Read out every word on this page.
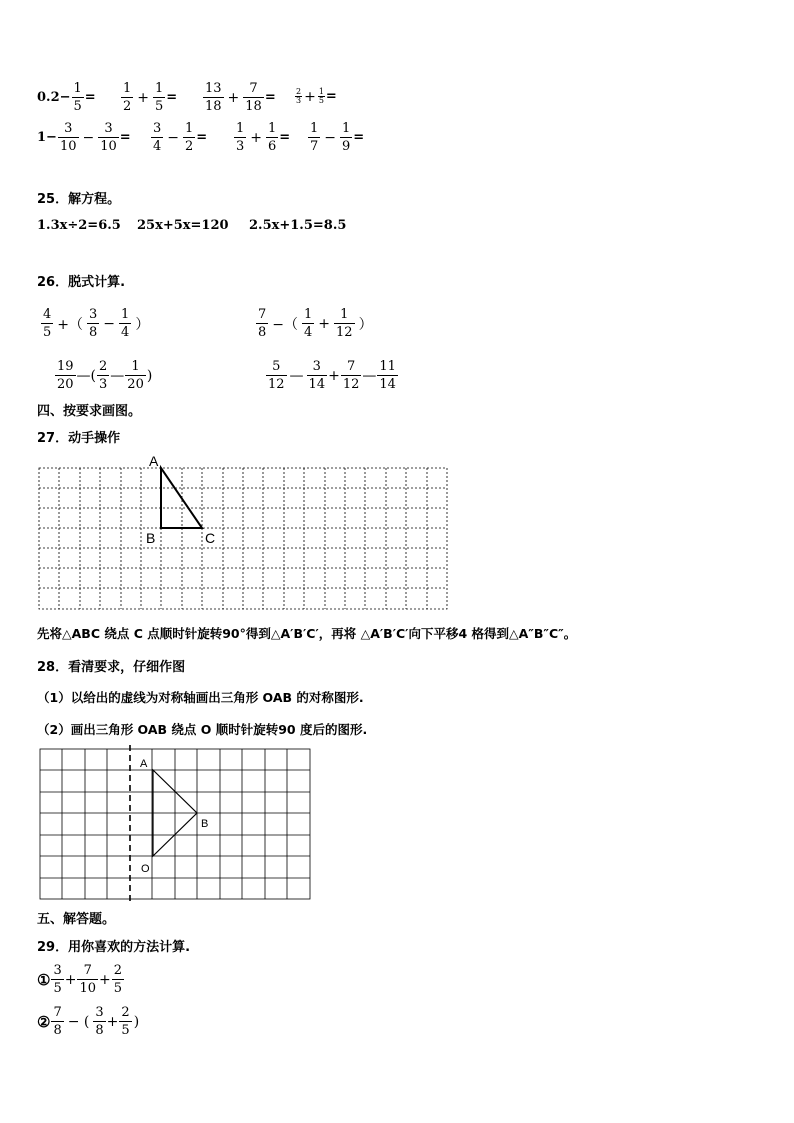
$0.2- \frac{1}{5}$ =
1
2
+ $\frac{1}{5}$ =
13
18
+ $\frac{7}{18}$ =	2
$3 + \frac{1}{5}$ =
$1- \frac{3}{10} - \frac{3}{10}$ =
3
4
− $\frac{1}{2}$ =
1
3
+ $\frac{1}{6}$ =
1
7
− $\frac{1}{9}$ =
25．解方程。
1.3x÷2=6.5 25x+5x=120 2.5x+1.5=8.5
26．脱式计算.
4
5 +（
3
8
− $\frac{1}{4}$ ）
7
8 −（
1
4
+ $\frac{1}{12}$ ）
19
20
—(
2
3
—
1
20
)
5
12
—
3
14
+ $\frac{7}{12}$ —
11
14
四、按要求画图。
27．动手操作
A
B	C
先将△ABC 绕点 C 点顺时针旋转90°得到△A′B′C′，再将 △A′B′C′向下平移4 格得到△A″B″C″。
28．看清要求，仔细作图
（1）以给出的虚线为对称轴画出三角形 OAB 的对称图形.
（2）画出三角形 OAB 绕点 O 顺时针旋转90 度后的图形.
A
B
O
五、解答题。
29．用你喜欢的方法计算.
① 3
5
+ $\frac{7}{10} + \frac{2}{5}$
② 7
8
− (
3
8
+ $\frac{2}{5}$ )
